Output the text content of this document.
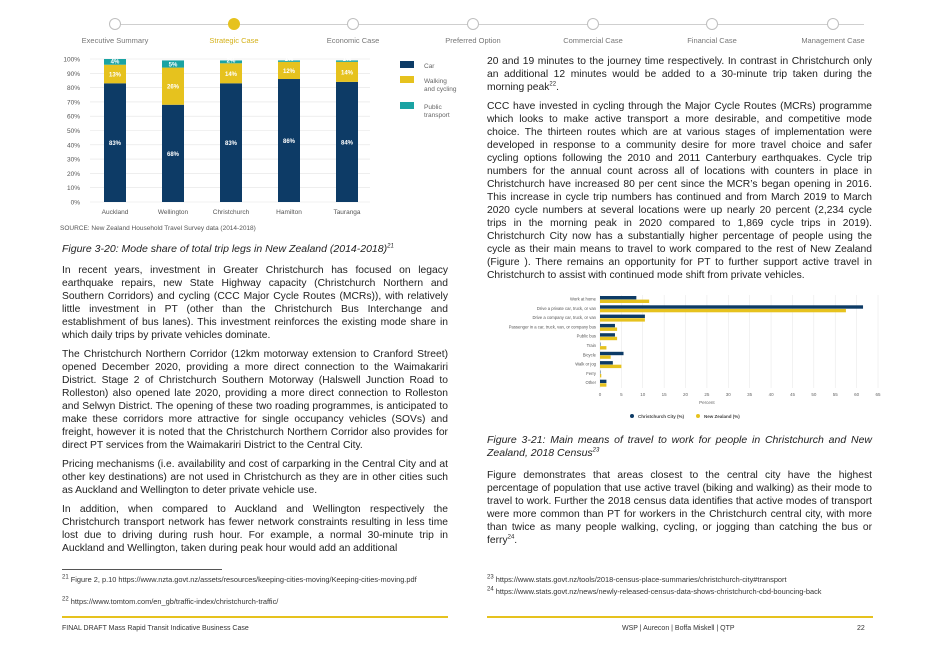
Executive Summary	Strategic Case	Economic Case	Preferred Option	Commercial Case	Financial Case	Management Case
0%
10%
20%
30%
40%
50%
60%
70%
80%
90%
100%
83%
13%
4%
Auckland
68%
26%
5%
Wellington
83%
14%
2%
Christchurch
86%
12%
1%
Hamilton
84%
14%
1%
Tauranga
Car
Walking
and cycling
Public
transport
SOURCE: New Zealand Household Travel Survey data (2014-2018)

Figure 3-20: Mode share of total trip legs in New Zealand (2014-2018)$^{21}$

In recent years, investment in Greater Christchurch has focused on legacy earthquake repairs, new State Highway capacity (Christchurch Northern and Southern Corridors) and cycling (CCC Major Cycle Routes (MCRs)), with relatively little investment in PT (other than the Christchurch Bus Interchange and establishment of bus lanes). This investment reinforces the existing mode share in which daily trips by private vehicles dominate.

The Christchurch Northern Corridor (12km motorway extension to Cranford Street) opened December 2020, providing a more direct connection to the Waimakariri District. Stage 2 of Christchurch Southern Motorway (Halswell Junction Road to Rolleston) also opened late 2020, providing a more direct connection to Rolleston and Selwyn District. The opening of these two roading programmes, is anticipated to make these corridors more attractive for single occupancy vehicles (SOVs) and freight, however it is noted that the Christchurch Northern Corridor also provides for direct PT services from the Waimakariri District to the Central City.

Pricing mechanisms (i.e. availability and cost of carparking in the Central City and at other key destinations) are not used in Christchurch as they are in other cities such as Auckland and Wellington to deter private vehicle use.

In addition, when compared to Auckland and Wellington respectively the Christchurch transport network has fewer network constraints resulting in less time lost due to driving during rush hour. For example, a normal 30-minute trip in Auckland and Wellington, taken during peak hour would add an additional

20 and 19 minutes to the journey time respectively. In contrast in Christchurch only an additional 12 minutes would be added to a 30-minute trip taken during the morning peak$^{22}$.

CCC have invested in cycling through the Major Cycle Routes (MCRs) programme which looks to make active transport a more desirable, and competitive mode choice. The thirteen routes which are at various stages of implementation were developed in response to a community desire for more travel choice and safer cycling options following the 2010 and 2011 Canterbury earthquakes. Cycle trip numbers for the annual count across all of locations with counters in place in Christchurch have increased 80 per cent since the MCR’s began opening in 2016. This increase in cycle trip numbers has continued and from March 2019 to March 2020 cycle numbers at several locations were up nearly 20 percent (2,234 cycle trips in the morning peak in 2020 compared to 1,869 cycle trips in 2019). Christchurch City now has a substantially higher percentage of people using the cycle as their main means to travel to work compared to the rest of New Zealand (Figure ). There remains an opportunity for PT to further support active travel in Christchurch to assist with continued mode shift from private vehicles.

0	5	10	15	20	25	30	35	40	45	50	55	60	65
Percent
Work at home
Drive a private car, truck, or van
Drive a company car, truck, or van
Passenger in a car, truck, van, or company bus
Public bus
Train
Bicycle
Walk or jog
Ferry
Other
Christchurch City (%)	New Zealand (%)

Figure 3-21: Main means of travel to work for people in Christchurch and New Zealand, 2018 Census$^{23}$

Figure demonstrates that areas closest to the central city have the highest percentage of population that use active travel (biking and walking) as their mode to travel to work. Further the 2018 census data identifies that active modes of transport were more common than PT for workers in the Christchurch central city, with more than twice as many people walking, cycling, or jogging than catching the bus or ferry$^{24}$.

$^{21}$ Figure 2, p.10 https://www.nzta.govt.nz/assets/resources/keeping-cities-moving/Keeping-cities-moving.pdf
$^{22}$ https://www.tomtom.com/en_gb/traffic-index/christchurch-traffic/
$^{23}$ https://www.stats.govt.nz/tools/2018-census-place-summaries/christchurch-city#transport
$^{24}$ https://www.stats.govt.nz/news/newly-released-census-data-shows-christchurch-cbd-bouncing-back
FINAL DRAFT Mass Rapid Transit Indicative Business Case	WSP | Aurecon | Boffa Miskell | QTP	22
